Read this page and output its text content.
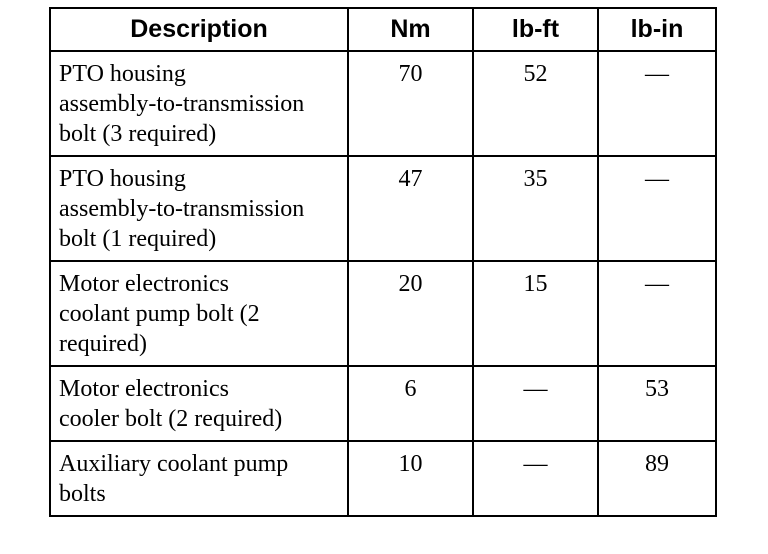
Description	Nm	lb-ft	lb-in
PTO housing
assembly-to-transmission
bolt (3 required)	70	52	—
PTO housing
assembly-to-transmission
bolt (1 required)	47	35	—
Motor electronics
coolant pump bolt (2
required)	20	15	—
Motor electronics
cooler bolt (2 required)	6	—	53
Auxiliary coolant pump
bolts	10	—	89
